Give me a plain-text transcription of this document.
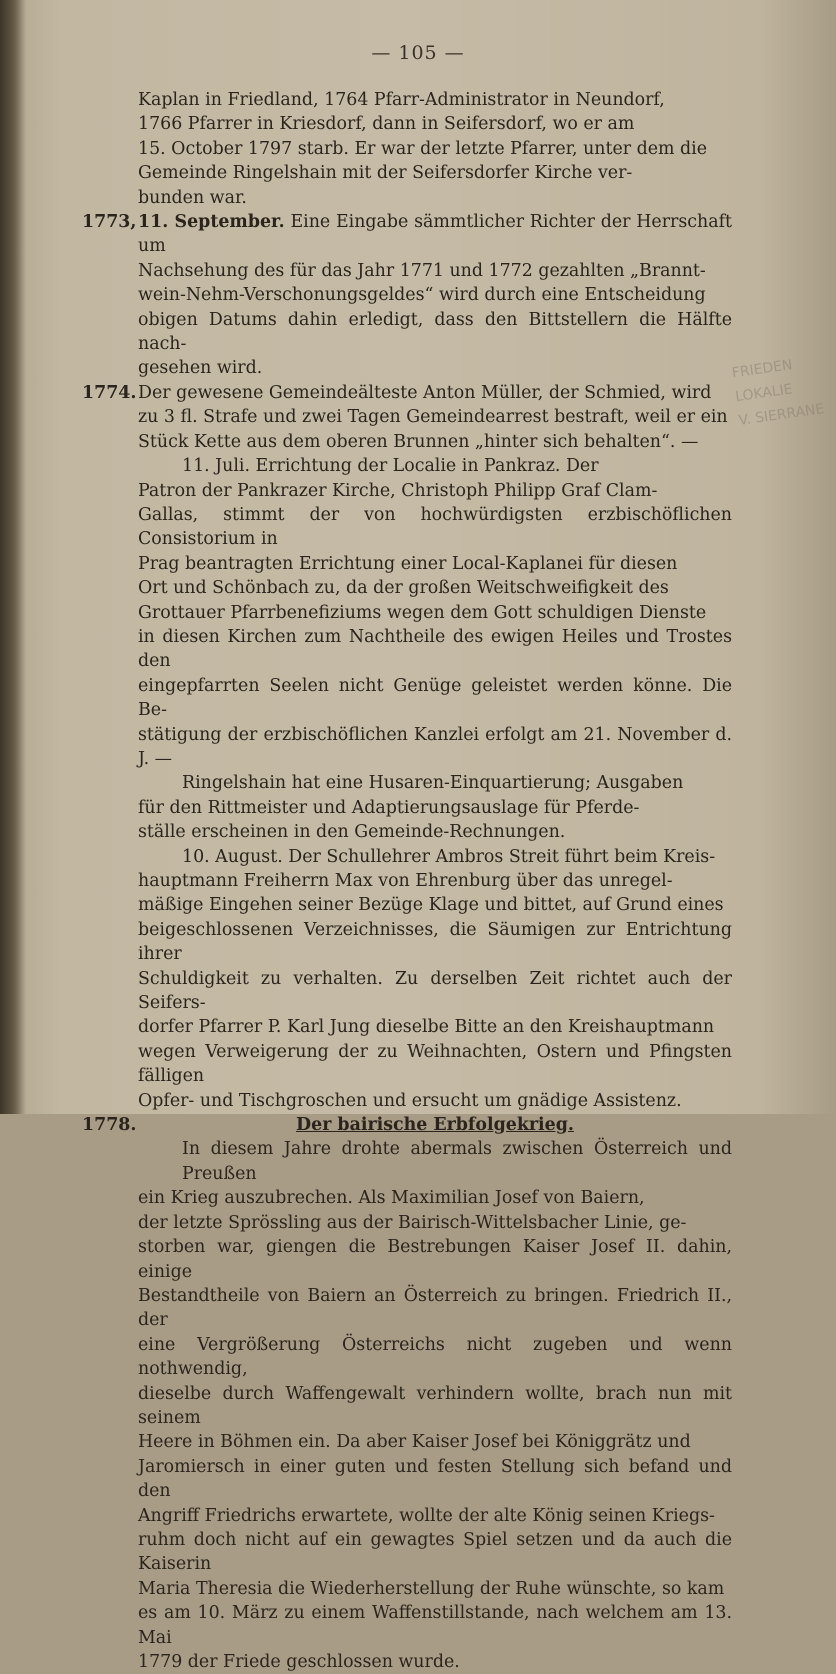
— 105 —
FRIEDEN
LOKALIE
V. SIERRANE
Kaplan in Friedland, 1764 Pfarr-Administrator in Neundorf,
1766 Pfarrer in Kriesdorf, dann in Seifersdorf, wo er am
15. October 1797 starb. Er war der letzte Pfarrer, unter dem die
Gemeinde Ringelshain mit der Seifersdorfer Kirche ver-
bunden war.
1773, 11. September. Eine Eingabe sämmtlicher Richter der Herrschaft um
Nachsehung des für das Jahr 1771 und 1772 gezahlten „Brannt-
wein-Nehm-Verschonungsgeldes“ wird durch eine Entscheidung
obigen Datums dahin erledigt, dass den Bittstellern die Hälfte nach-
gesehen wird.
1774. Der gewesene Gemeindeälteste Anton Müller, der Schmied, wird
zu 3 fl. Strafe und zwei Tagen Gemeindearrest bestraft, weil er ein
Stück Kette aus dem oberen Brunnen „hinter sich behalten“. —
11. Juli. Errichtung der Localie in Pankraz. Der
Patron der Pankrazer Kirche, Christoph Philipp Graf Clam-
Gallas, stimmt der von hochwürdigsten erzbischöflichen Consistorium in
Prag beantragten Errichtung einer Local-Kaplanei für diesen
Ort und Schönbach zu, da der großen Weitschweifigkeit des
Grottauer Pfarrbenefiziums wegen dem Gott schuldigen Dienste
in diesen Kirchen zum Nachtheile des ewigen Heiles und Trostes den
eingepfarrten Seelen nicht Genüge geleistet werden könne. Die Be-
stätigung der erzbischöflichen Kanzlei erfolgt am 21. November d. J. —
Ringelshain hat eine Husaren-Einquartierung; Ausgaben
für den Rittmeister und Adaptierungsauslage für Pferde-
ställe erscheinen in den Gemeinde-Rechnungen.
10. August. Der Schullehrer Ambros Streit führt beim Kreis-
hauptmann Freiherrn Max von Ehrenburg über das unregel-
mäßige Eingehen seiner Bezüge Klage und bittet, auf Grund eines
beigeschlossenen Verzeichnisses, die Säumigen zur Entrichtung ihrer
Schuldigkeit zu verhalten. Zu derselben Zeit richtet auch der Seifers-
dorfer Pfarrer P. Karl Jung dieselbe Bitte an den Kreishauptmann
wegen Verweigerung der zu Weihnachten, Ostern und Pfingsten fälligen
Opfer- und Tischgroschen und ersucht um gnädige Assistenz.
1778.	Der bairische Erbfolgekrieg.
In diesem Jahre drohte abermals zwischen Österreich und Preußen
ein Krieg auszubrechen. Als Maximilian Josef von Baiern,
der letzte Sprössling aus der Bairisch-Wittelsbacher Linie, ge-
storben war, giengen die Bestrebungen Kaiser Josef II. dahin, einige
Bestandtheile von Baiern an Österreich zu bringen. Friedrich II., der
eine Vergrößerung Österreichs nicht zugeben und wenn nothwendig,
dieselbe durch Waffengewalt verhindern wollte, brach nun mit seinem
Heere in Böhmen ein. Da aber Kaiser Josef bei Königgrätz und
Jaromiersch in einer guten und festen Stellung sich befand und den
Angriff Friedrichs erwartete, wollte der alte König seinen Kriegs-
ruhm doch nicht auf ein gewagtes Spiel setzen und da auch die Kaiserin
Maria Theresia die Wiederherstellung der Ruhe wünschte, so kam
es am 10. März zu einem Waffenstillstande, nach welchem am 13. Mai
1779 der Friede geschlossen wurde.
